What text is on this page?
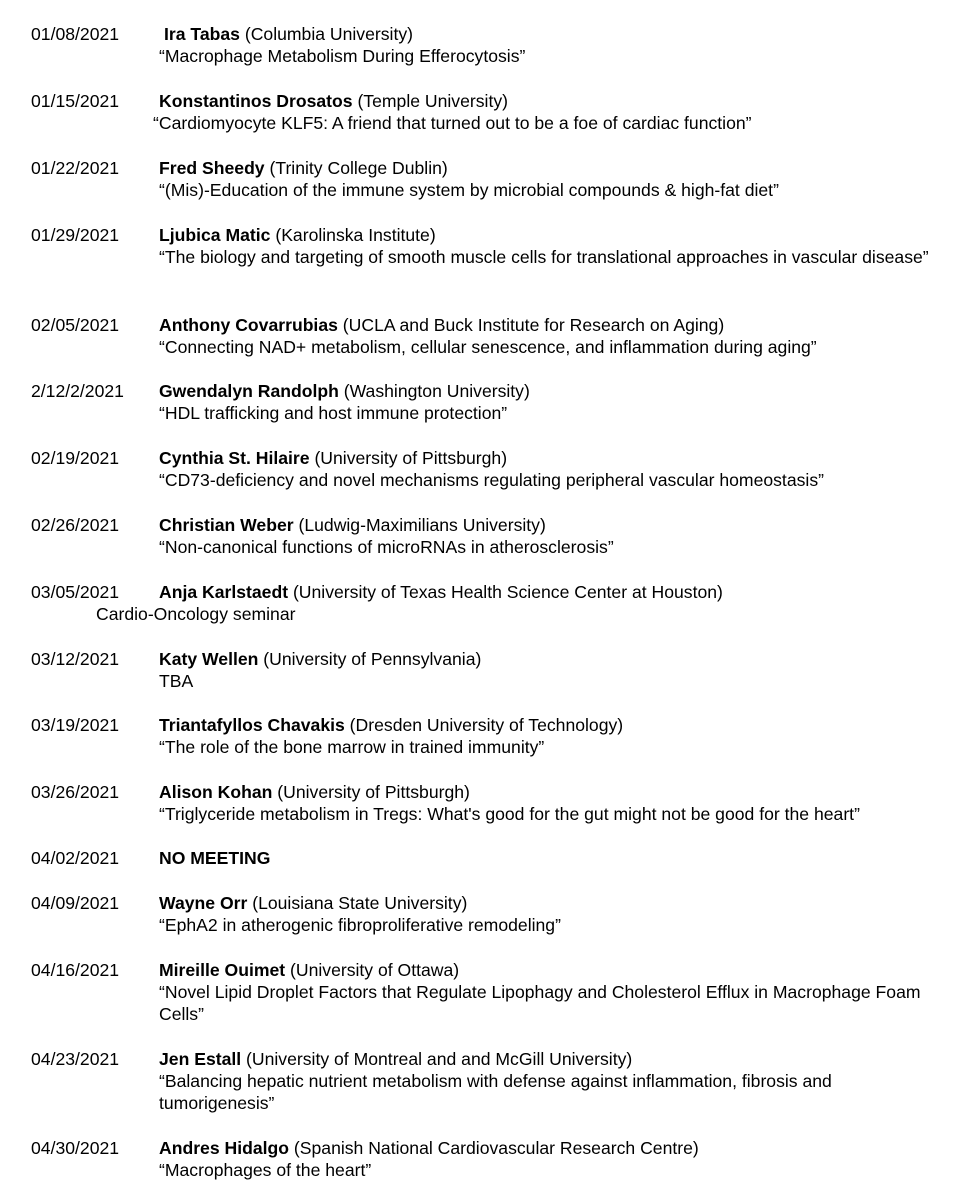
01/08/2021	Ira Tabas (Columbia University)
“Macrophage Metabolism During Efferocytosis”
01/15/2021 Konstantinos Drosatos (Temple University)
“Cardiomyocyte KLF5: A friend that turned out to be a foe of cardiac function”
01/22/2021 Fred Sheedy (Trinity College Dublin)
“(Mis)-Education of the immune system by microbial compounds & high-fat diet”
01/29/2021 Ljubica Matic (Karolinska Institute)
“The biology and targeting of smooth muscle cells for translational approaches in vascular disease”
02/05/2021 Anthony Covarrubias (UCLA and Buck Institute for Research on Aging)
“Connecting NAD+ metabolism, cellular senescence, and inflammation during aging”
2/12/2/2021 Gwendalyn Randolph (Washington University)
“HDL trafficking and host immune protection”
02/19/2021 Cynthia St. Hilaire (University of Pittsburgh)
“CD73-deficiency and novel mechanisms regulating peripheral vascular homeostasis”
02/26/2021 Christian Weber (Ludwig-Maximilians University)
“Non-canonical functions of microRNAs in atherosclerosis”
03/05/2021 Anja Karlstaedt (University of Texas Health Science Center at Houston)
Cardio-Oncology seminar
03/12/2021 Katy Wellen (University of Pennsylvania)
TBA
03/19/2021 Triantafyllos Chavakis (Dresden University of Technology)
“The role of the bone marrow in trained immunity”
03/26/2021 Alison Kohan (University of Pittsburgh)
“Triglyceride metabolism in Tregs: What's good for the gut might not be good for the heart”
04/02/2021 NO MEETING
04/09/2021 Wayne Orr (Louisiana State University)
“EphA2 in atherogenic fibroproliferative remodeling”
04/16/2021 Mireille Ouimet (University of Ottawa)
“Novel Lipid Droplet Factors that Regulate Lipophagy and Cholesterol Efflux in Macrophage Foam Cells”
04/23/2021 Jen Estall (University of Montreal and and McGill University)
“Balancing hepatic nutrient metabolism with defense against inflammation, fibrosis and tumorigenesis”
04/30/2021 Andres Hidalgo (Spanish National Cardiovascular Research Centre)
“Macrophages of the heart”
